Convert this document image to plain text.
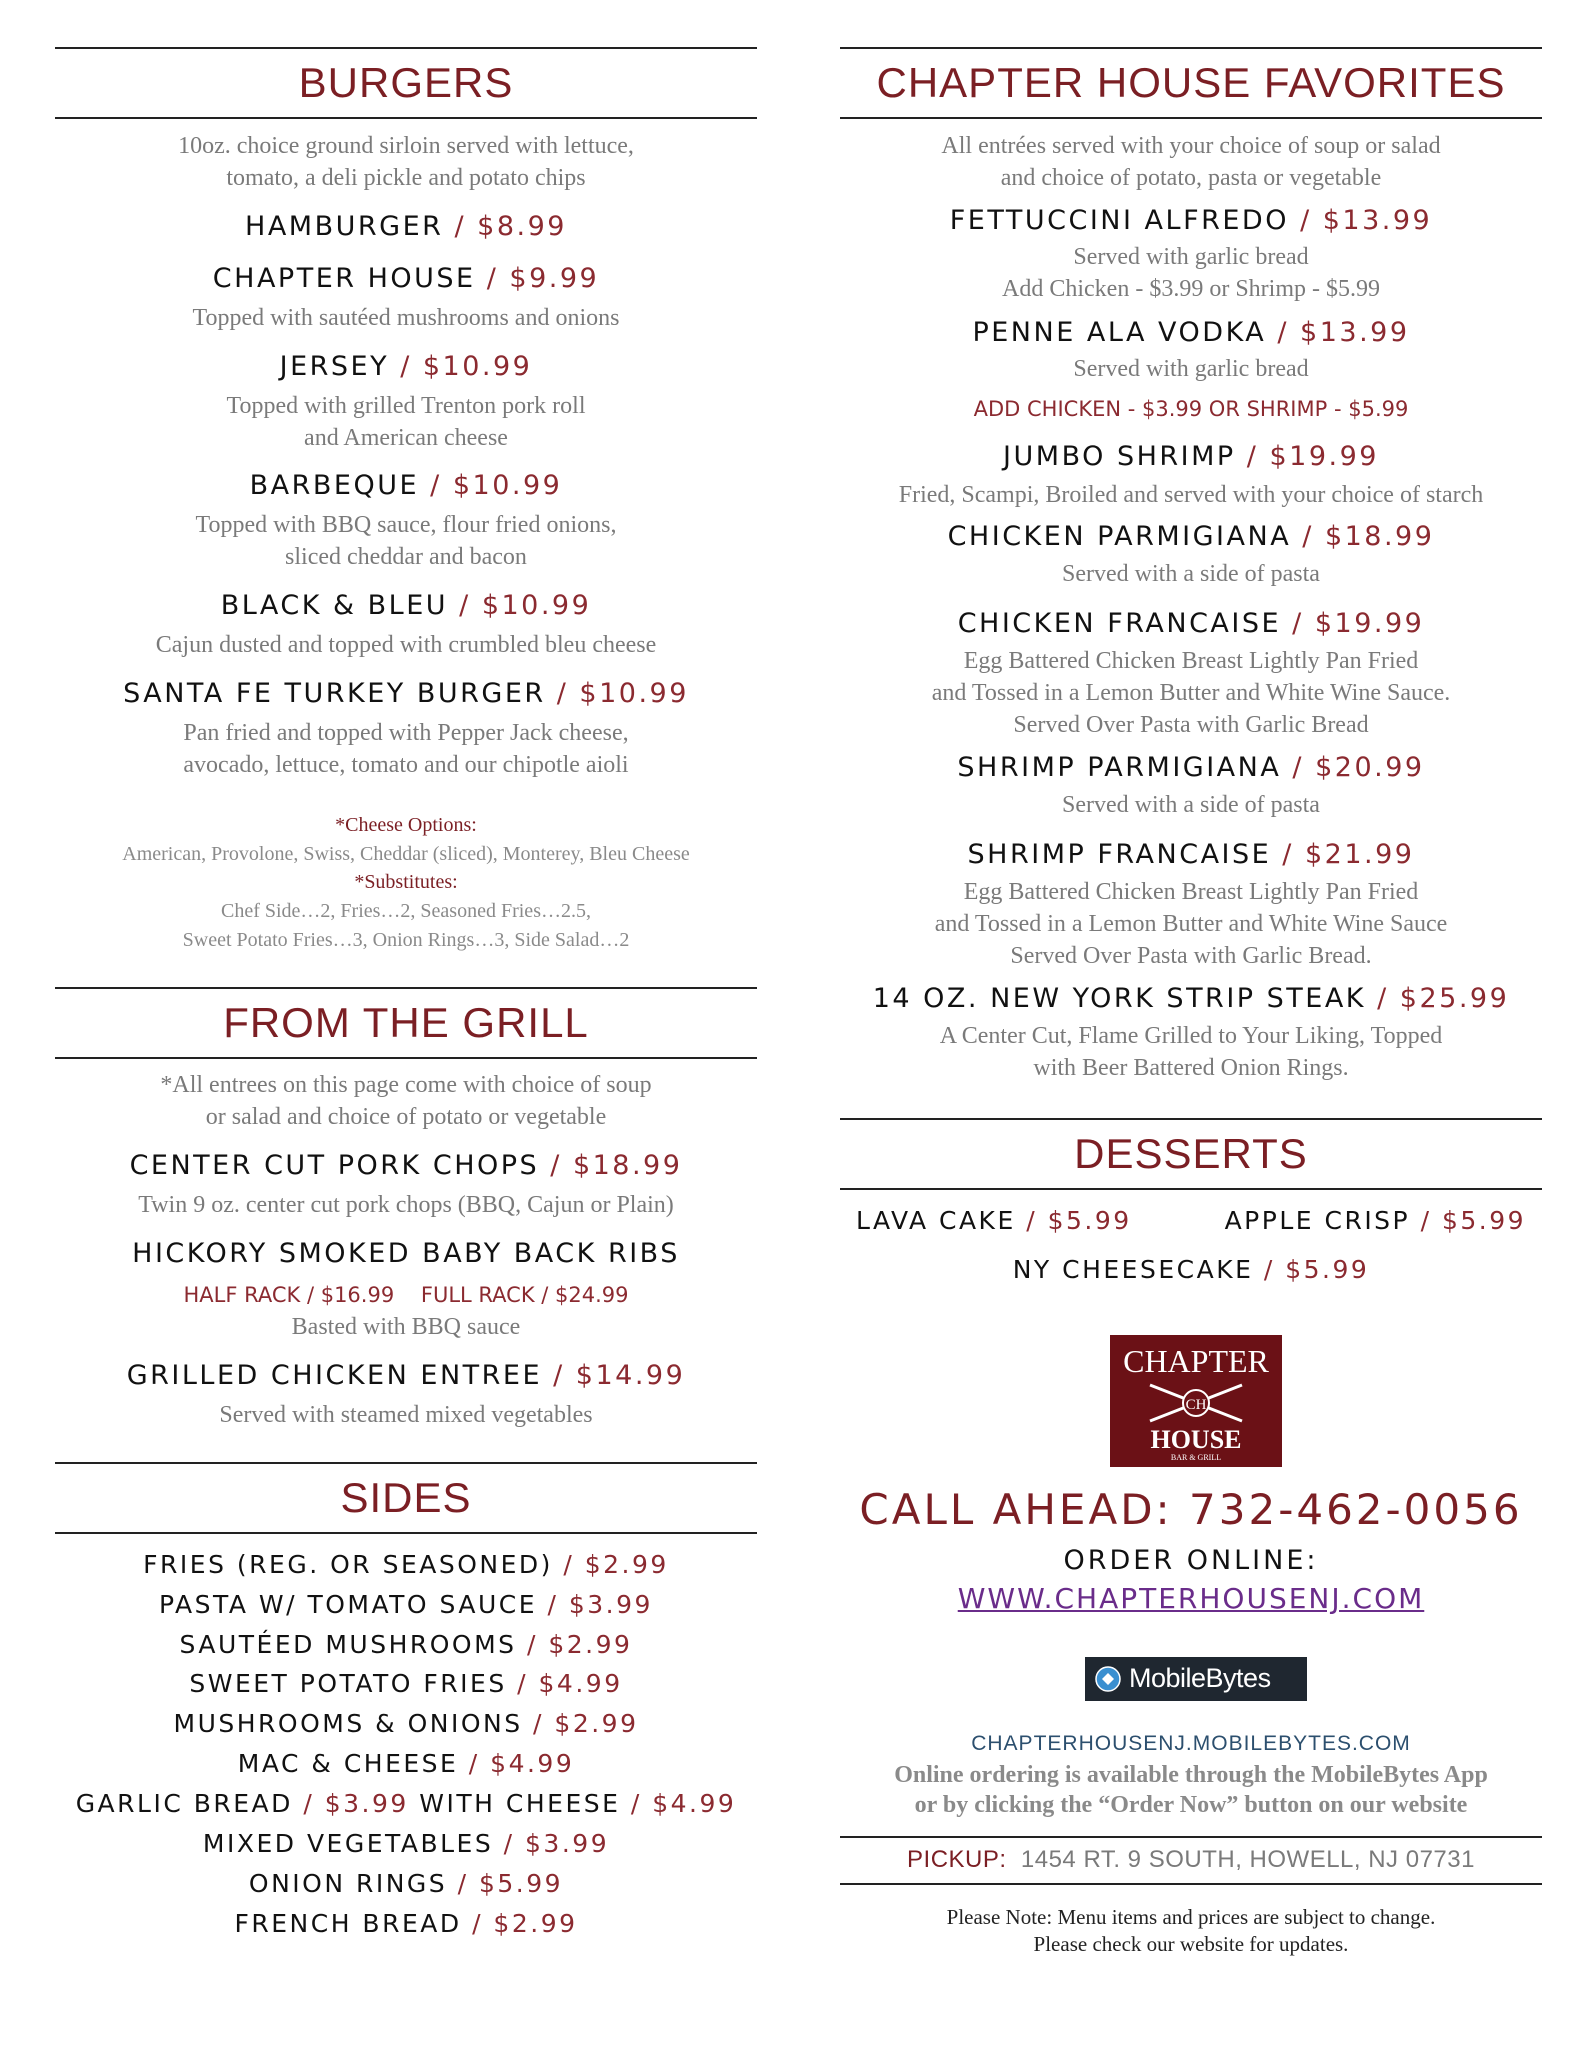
BURGERS
10oz. choice ground sirloin served with lettuce,
tomato, a deli pickle and potato chips
HAMBURGER / $8.99
CHAPTER HOUSE / $9.99
Topped with sautéed mushrooms and onions
JERSEY / $10.99
Topped with grilled Trenton pork roll
and American cheese
BARBEQUE / $10.99
Topped with BBQ sauce, flour fried onions,
sliced cheddar and bacon
BLACK & BLEU / $10.99
Cajun dusted and topped with crumbled bleu cheese
SANTA FE TURKEY BURGER / $10.99
Pan fried and topped with Pepper Jack cheese,
avocado, lettuce, tomato and our chipotle aioli
*Cheese Options:
American, Provolone, Swiss, Cheddar (sliced), Monterey, Bleu Cheese
*Substitutes:
Chef Side…2, Fries…2, Seasoned Fries…2.5,
Sweet Potato Fries…3, Onion Rings…3, Side Salad…2
FROM THE GRILL
*All entrees on this page come with choice of soup
or salad and choice of potato or vegetable
CENTER CUT PORK CHOPS / $18.99
Twin 9 oz. center cut pork chops (BBQ, Cajun or Plain)
HICKORY SMOKED BABY BACK RIBS
HALF RACK / $16.99 FULL RACK / $24.99
Basted with BBQ sauce
GRILLED CHICKEN ENTREE / $14.99
Served with steamed mixed vegetables
SIDES
FRIES (REG. OR SEASONED) / $2.99
PASTA W/ TOMATO SAUCE / $3.99
SAUTÉED MUSHROOMS / $2.99
SWEET POTATO FRIES / $4.99
MUSHROOMS & ONIONS / $2.99
MAC & CHEESE / $4.99
GARLIC BREAD / $3.99 WITH CHEESE / $4.99
MIXED VEGETABLES / $3.99
ONION RINGS / $5.99
FRENCH BREAD / $2.99
CHAPTER HOUSE FAVORITES
All entrées served with your choice of soup or salad
and choice of potato, pasta or vegetable
FETTUCCINI ALFREDO / $13.99
Served with garlic bread
Add Chicken - $3.99 or Shrimp - $5.99
PENNE ALA VODKA / $13.99
Served with garlic bread
ADD CHICKEN - $3.99 OR SHRIMP - $5.99
JUMBO SHRIMP / $19.99
Fried, Scampi, Broiled and served with your choice of starch
CHICKEN PARMIGIANA / $18.99
Served with a side of pasta
CHICKEN FRANCAISE / $19.99
Egg Battered Chicken Breast Lightly Pan Fried
and Tossed in a Lemon Butter and White Wine Sauce.
Served Over Pasta with Garlic Bread
SHRIMP PARMIGIANA / $20.99
Served with a side of pasta
SHRIMP FRANCAISE / $21.99
Egg Battered Chicken Breast Lightly Pan Fried
and Tossed in a Lemon Butter and White Wine Sauce
Served Over Pasta with Garlic Bread.
14 OZ. NEW YORK STRIP STEAK / $25.99
A Center Cut, Flame Grilled to Your Liking, Topped
with Beer Battered Onion Rings.
DESSERTS
LAVA CAKE / $5.99	APPLE CRISP / $5.99
NY CHEESECAKE / $5.99
CHAPTER
CH
HOUSE
BAR & GRILL
CALL AHEAD: 732-462-0056
ORDER ONLINE:
WWW.CHAPTERHOUSENJ.COM
MobileBytes
CHAPTERHOUSENJ.MOBILEBYTES.COM
Online ordering is available through the MobileBytes App
or by clicking the “Order Now” button on our website
PICKUP: 1454 RT. 9 SOUTH, HOWELL, NJ 07731
Please Note: Menu items and prices are subject to change.
Please check our website for updates.
